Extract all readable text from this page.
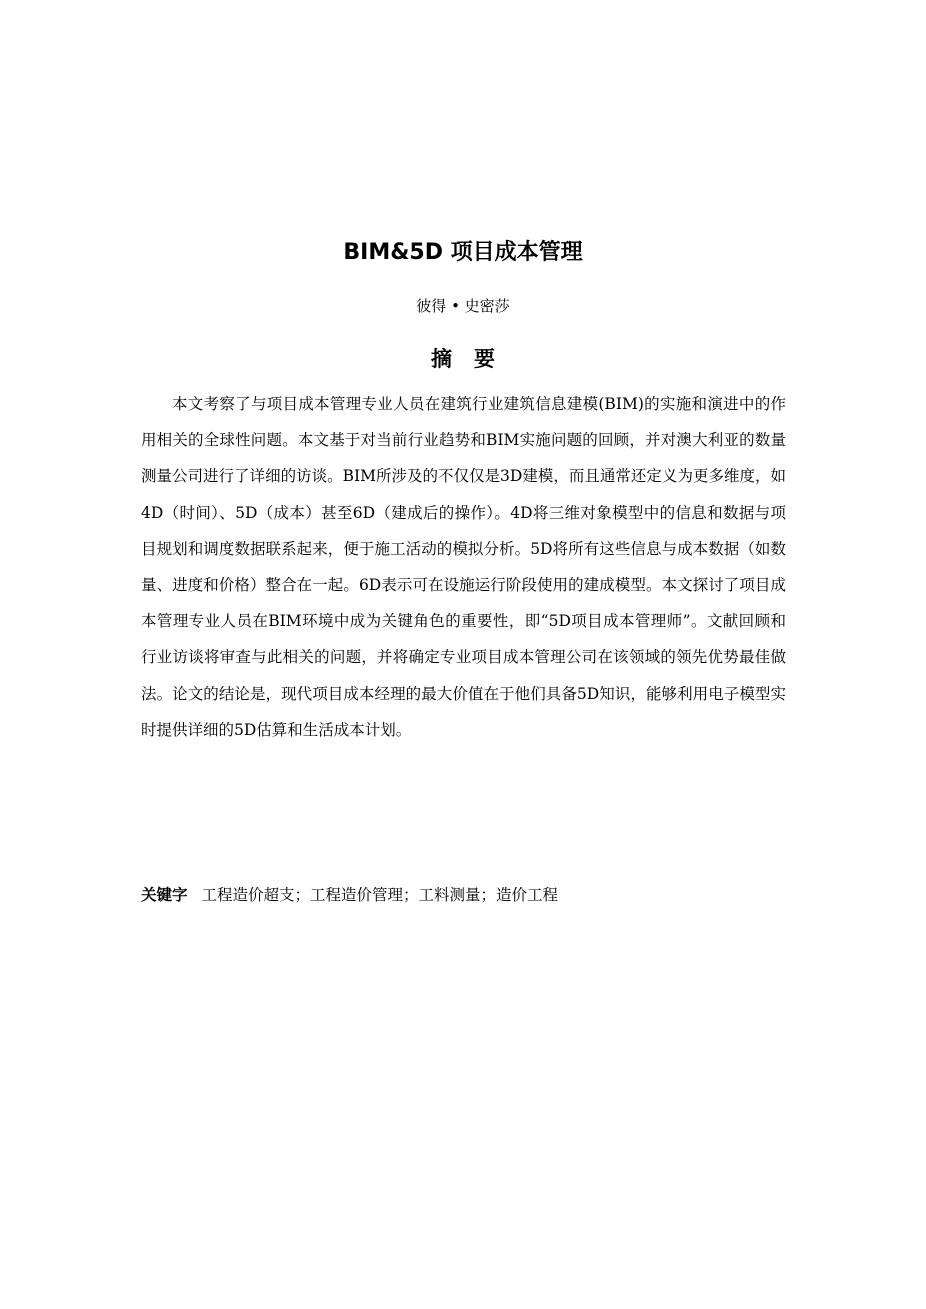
BIM&5D 项目成本管理

彼得 • 史密莎

摘要

本文考察了与项目成本管理专业人员在建筑行业建筑信息建模(BIM)的实施和演进中的作用相关的全球性问题。本文基于对当前行业趋势和BIM实施问题的回顾，并对澳大利亚的数量测量公司进行了详细的访谈。BIM所涉及的不仅仅是3D建模，而且通常还定义为更多维度，如4D（时间）、5D（成本）甚至6D（建成后的操作）。4D将三维对象模型中的信息和数据与项目规划和调度数据联系起来，便于施工活动的模拟分析。5D将所有这些信息与成本数据（如数量、进度和价格）整合在一起。6D表示可在设施运行阶段使用的建成模型。本文探讨了项目成本管理专业人员在BIM环境中成为关键角色的重要性，即“5D项目成本管理师”。文献回顾和行业访谈将审查与此相关的问题，并将确定专业项目成本管理公司在该领域的领先优势最佳做法。论文的结论是，现代项目成本经理的最大价值在于他们具备5D知识，能够利用电子模型实时提供详细的5D估算和生活成本计划。

关键字 工程造价超支；工程造价管理；工料测量；造价工程
